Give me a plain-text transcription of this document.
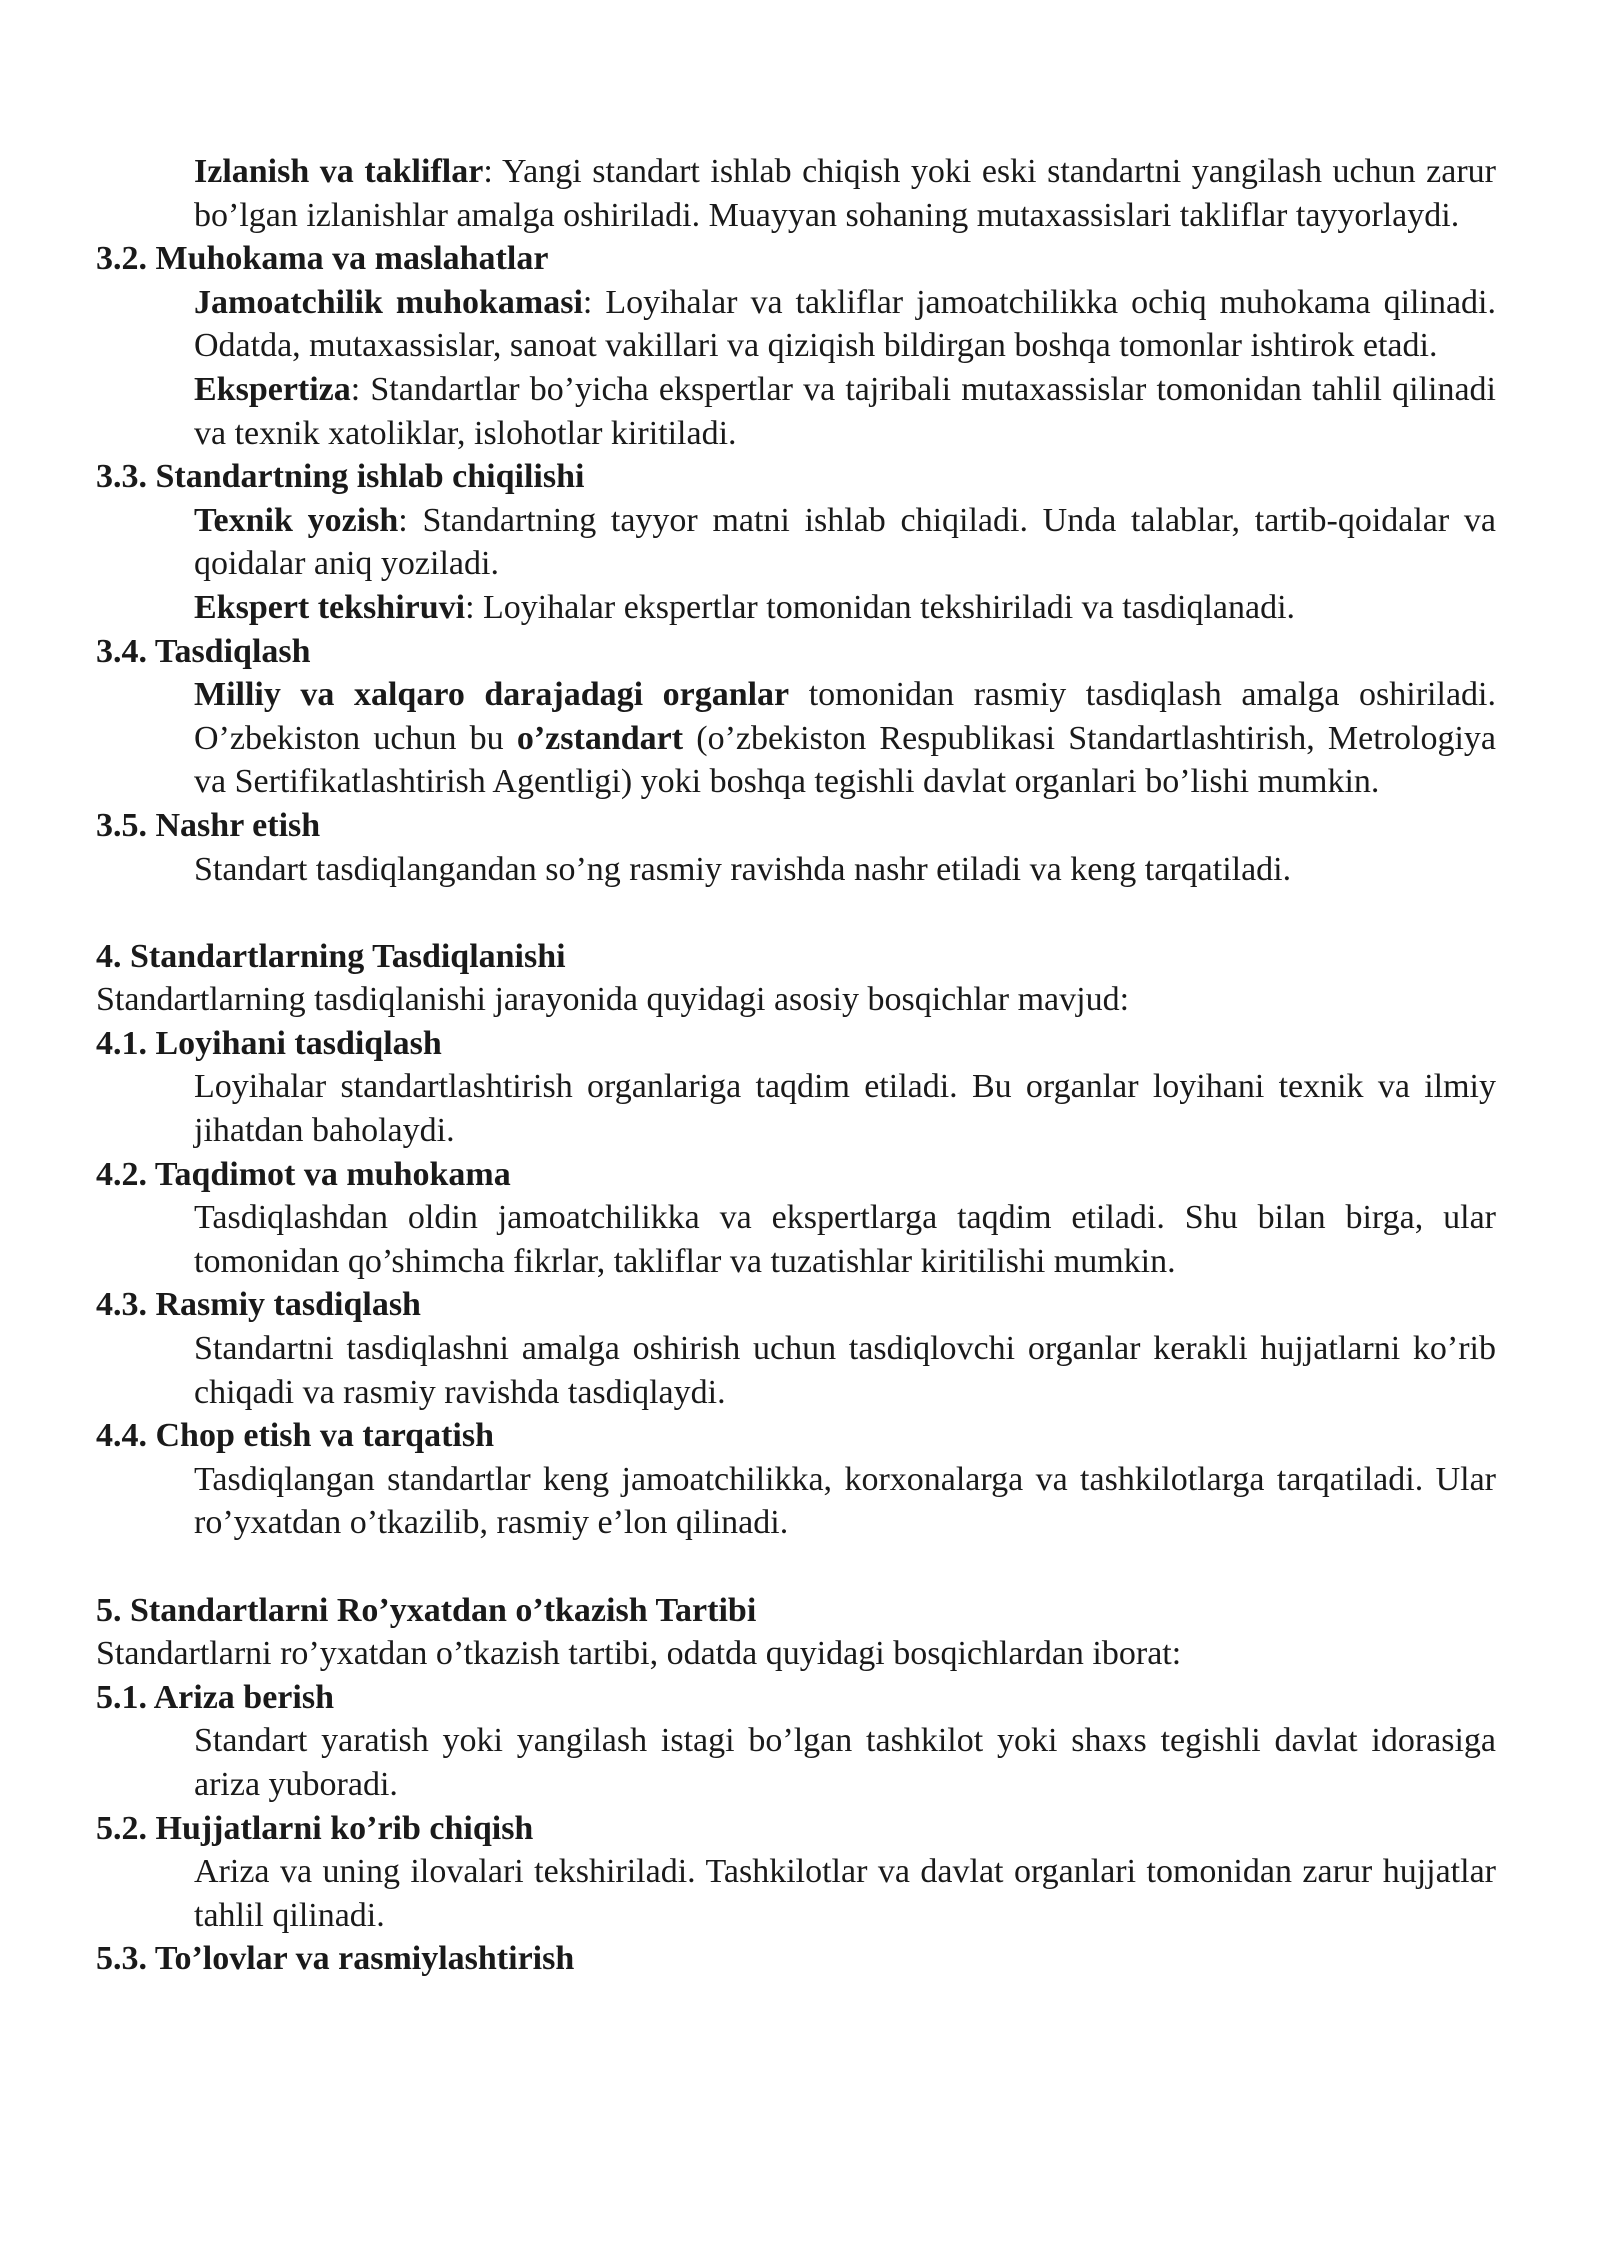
Izlanish va takliflar: Yangi standart ishlab chiqish yoki eski standartni yangilash uchun zarur bo’lgan izlanishlar amalga oshiriladi. Muayyan sohaning mutaxassislari takliflar tayyorlaydi.

3.2. Muhokama va maslahatlar

Jamoatchilik muhokamasi: Loyihalar va takliflar jamoatchilikka ochiq muhokama qilinadi. Odatda, mutaxassislar, sanoat vakillari va qiziqish bildirgan boshqa tomonlar ishtirok etadi.

Ekspertiza: Standartlar bo’yicha ekspertlar va tajribali mutaxassislar tomonidan tahlil qilinadi va texnik xatoliklar, islohotlar kiritiladi.

3.3. Standartning ishlab chiqilishi

Texnik yozish: Standartning tayyor matni ishlab chiqiladi. Unda talablar, tartib-qoidalar va qoidalar aniq yoziladi.

Ekspert tekshiruvi: Loyihalar ekspertlar tomonidan tekshiriladi va tasdiqlanadi.

3.4. Tasdiqlash

Milliy va xalqaro darajadagi organlar tomonidan rasmiy tasdiqlash amalga oshiriladi. O’zbekiston uchun bu o’zstandart (o’zbekiston Respublikasi Standartlashtirish, Metrologiya va Sertifikatlashtirish Agentligi) yoki boshqa tegishli davlat organlari bo’lishi mumkin.

3.5. Nashr etish

Standart tasdiqlangandan so’ng rasmiy ravishda nashr etiladi va keng tarqatiladi.

4. Standartlarning Tasdiqlanishi

Standartlarning tasdiqlanishi jarayonida quyidagi asosiy bosqichlar mavjud:

4.1. Loyihani tasdiqlash

Loyihalar standartlashtirish organlariga taqdim etiladi. Bu organlar loyihani texnik va ilmiy jihatdan baholaydi.

4.2. Taqdimot va muhokama

Tasdiqlashdan oldin jamoatchilikka va ekspertlarga taqdim etiladi. Shu bilan birga, ular tomonidan qo’shimcha fikrlar, takliflar va tuzatishlar kiritilishi mumkin.

4.3. Rasmiy tasdiqlash

Standartni tasdiqlashni amalga oshirish uchun tasdiqlovchi organlar kerakli hujjatlarni ko’rib chiqadi va rasmiy ravishda tasdiqlaydi.

4.4. Chop etish va tarqatish

Tasdiqlangan standartlar keng jamoatchilikka, korxonalarga va tashkilotlarga tarqatiladi. Ular ro’yxatdan o’tkazilib, rasmiy e’lon qilinadi.

5. Standartlarni Ro’yxatdan o’tkazish Tartibi

Standartlarni ro’yxatdan o’tkazish tartibi, odatda quyidagi bosqichlardan iborat:

5.1. Ariza berish

Standart yaratish yoki yangilash istagi bo’lgan tashkilot yoki shaxs tegishli davlat idorasiga ariza yuboradi.

5.2. Hujjatlarni ko’rib chiqish

Ariza va uning ilovalari tekshiriladi. Tashkilotlar va davlat organlari tomonidan zarur hujjatlar tahlil qilinadi.

5.3. To’lovlar va rasmiylashtirish
